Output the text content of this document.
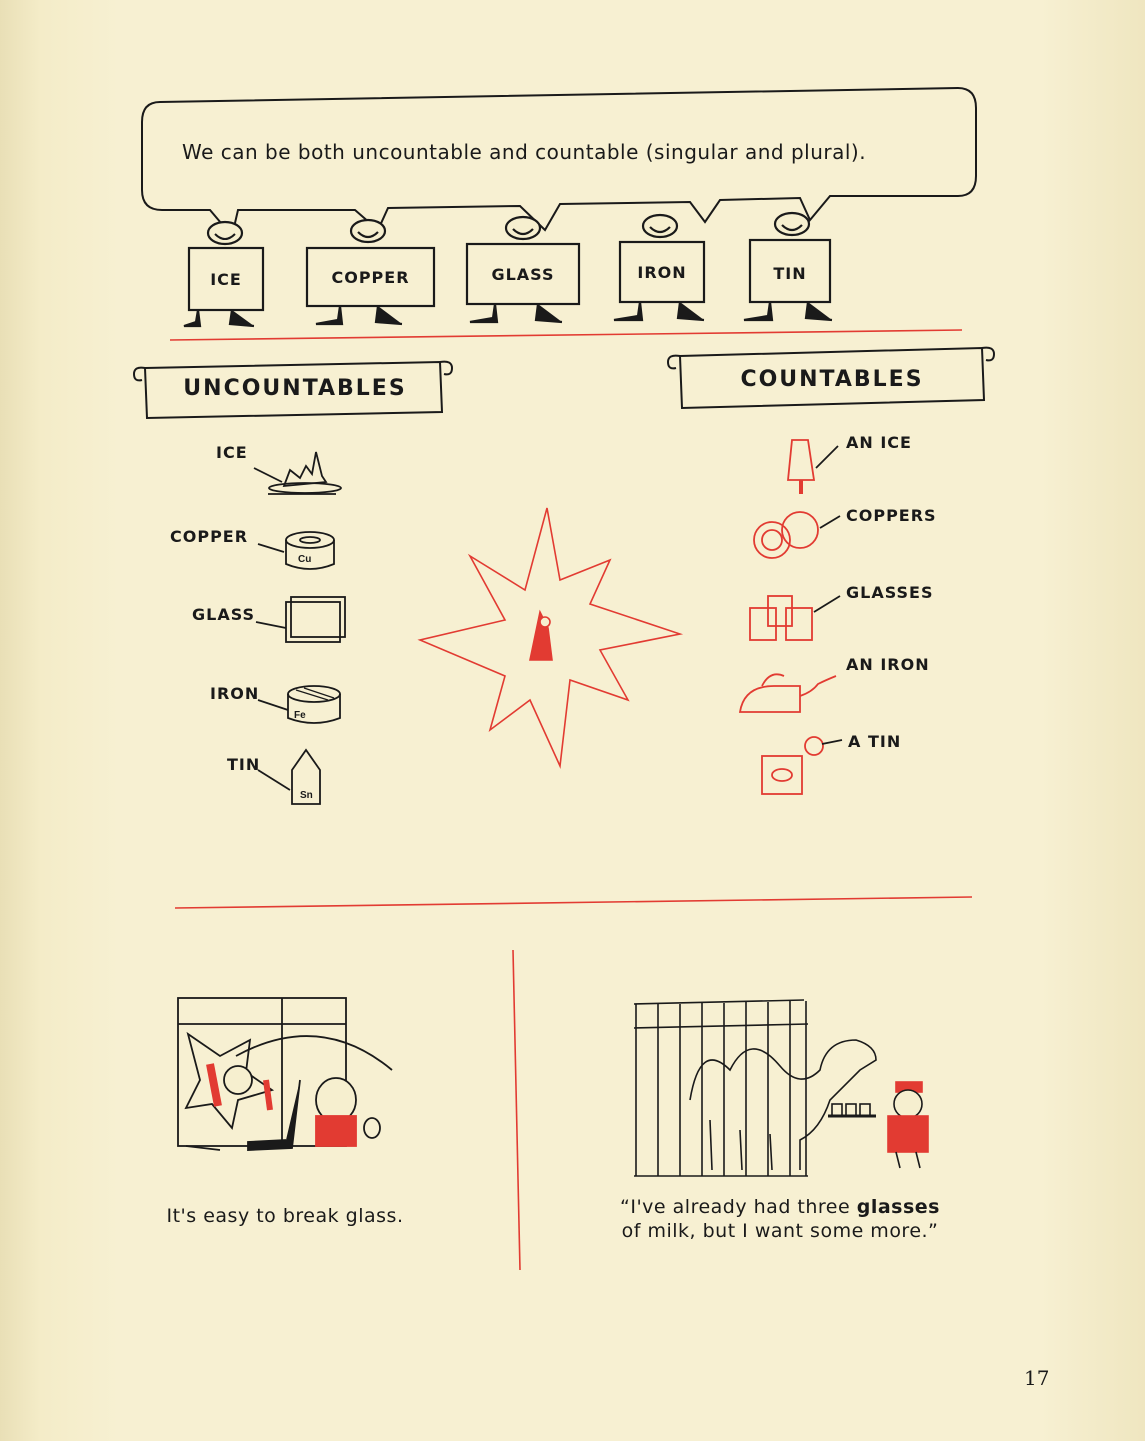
We can be both uncountable and countable (singular and plural).
ICE	COPPER	GLASS	IRON	TIN
UNCOUNTABLES	COUNTABLES
ICE
COPPER
GLASS
IRON
TIN
Cu
Fe
Sn
AN ICE
COPPERS
GLASSES
AN IRON
A TIN
It's easy to break glass.	“I've already had three glasses
of milk, but I want some more.”
17
